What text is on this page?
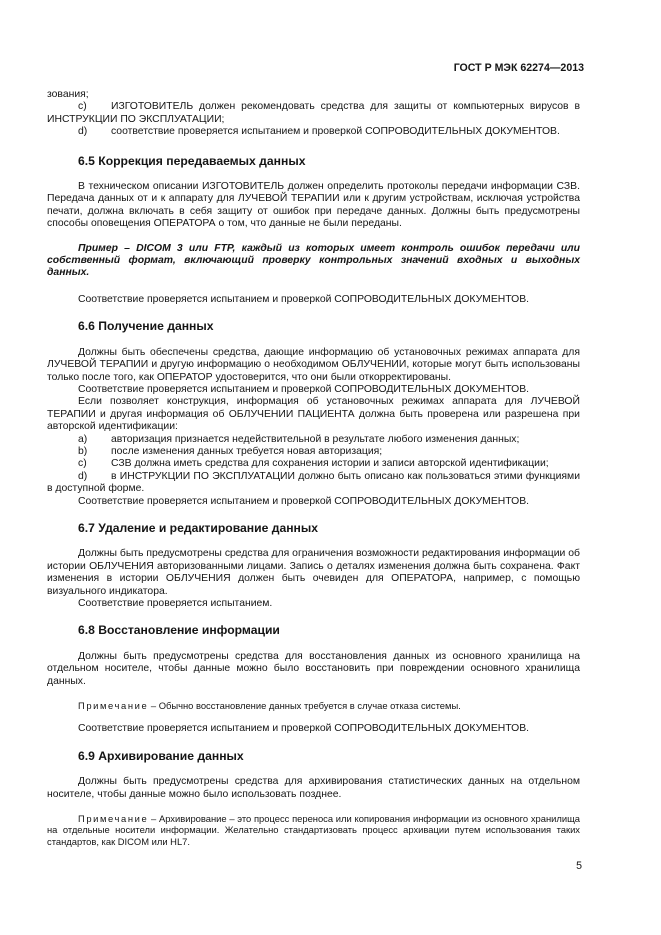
ГОСТ Р МЭК 62274—2013

зования;

c) ИЗГОТОВИТЕЛЬ должен рекомендовать средства для защиты от компьютерных вирусов в ИНСТРУКЦИИ ПО ЭКСПЛУАТАЦИИ;

d) соответствие проверяется испытанием и проверкой СОПРОВОДИТЕЛЬНЫХ ДОКУМЕНТОВ.

6.5 Коррекция передаваемых данных

В техническом описании ИЗГОТОВИТЕЛЬ должен определить протоколы передачи информации СЗВ. Передача данных от и к аппарату для ЛУЧЕВОЙ ТЕРАПИИ или к другим устройствам, исключая устройства печати, должна включать в себя защиту от ошибок при передаче данных. Должны быть предусмотрены способы оповещения ОПЕРАТОРА о том, что данные не были переданы.

Пример – DICOM 3 или FTP, каждый из которых имеет контроль ошибок передачи или собственный формат, включающий проверку контрольных значений входных и выходных данных.

Соответствие проверяется испытанием и проверкой СОПРОВОДИТЕЛЬНЫХ ДОКУМЕНТОВ.

6.6 Получение данных

Должны быть обеспечены средства, дающие информацию об установочных режимах аппарата для ЛУЧЕВОЙ ТЕРАПИИ и другую информацию о необходимом ОБЛУЧЕНИИ, которые могут быть использованы только после того, как ОПЕРАТОР удостоверится, что они были откорректированы.

Соответствие проверяется испытанием и проверкой СОПРОВОДИТЕЛЬНЫХ ДОКУМЕНТОВ.

Если позволяет конструкция, информация об установочных режимах аппарата для ЛУЧЕВОЙ ТЕРАПИИ и другая информация об ОБЛУЧЕНИИ ПАЦИЕНТА должна быть проверена или разрешена при авторской идентификации:

a) авторизация признается недействительной в результате любого изменения данных;

b) после изменения данных требуется новая авторизация;

c) СЗВ должна иметь средства для сохранения истории и записи авторской идентификации;

d) в ИНСТРУКЦИИ ПО ЭКСПЛУАТАЦИИ должно быть описано как пользоваться этими функциями в доступной форме.

Соответствие проверяется испытанием и проверкой СОПРОВОДИТЕЛЬНЫХ ДОКУМЕНТОВ.

6.7 Удаление и редактирование данных

Должны быть предусмотрены средства для ограничения возможности редактирования информации об истории ОБЛУЧЕНИЯ авторизованными лицами. Запись о деталях изменения должна быть сохранена. Факт изменения в истории ОБЛУЧЕНИЯ должен быть очевиден для ОПЕРАТОРА, например, с помощью визуального индикатора.

Соответствие проверяется испытанием.

6.8 Восстановление информации

Должны быть предусмотрены средства для восстановления данных из основного хранилища на отдельном носителе, чтобы данные можно было восстановить при повреждении основного хранилища данных.

Примечание – Обычно восстановление данных требуется в случае отказа системы.

Соответствие проверяется испытанием и проверкой СОПРОВОДИТЕЛЬНЫХ ДОКУМЕНТОВ.

6.9 Архивирование данных

Должны быть предусмотрены средства для архивирования статистических данных на отдельном носителе, чтобы данные можно было использовать позднее.

Примечание – Архивирование – это процесс переноса или копирования информации из основного хранилища на отдельные носители информации. Желательно стандартизовать процесс архивации путем использования таких стандартов, как DICOM или HL7.

5
